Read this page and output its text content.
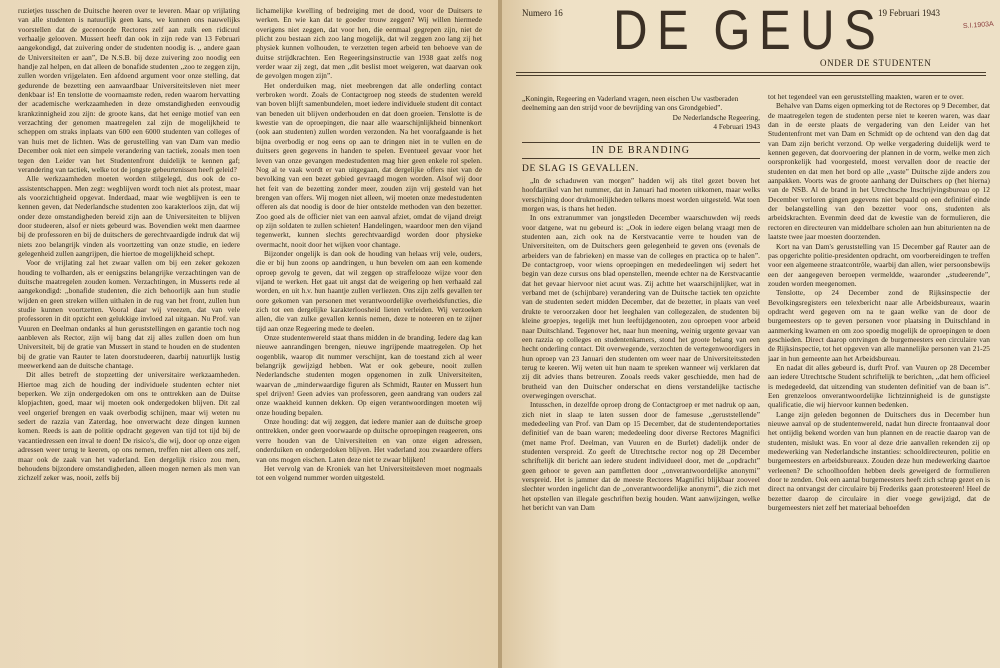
ruzietjes tusschen de Duitsche heeren over te leveren. Maar op vrijlating van alle studenten is natuurlijk geen kans, we kunnen ons nauwelijks voorstellen dat de gecenoorde Rectores zelf aan zulk een ridicuul verhaalje gelooven. Mussert heeft dan ook in zijn rede van 13 Februari aangekondigd, dat zuivering onder de studenten noodig is. ,, andere gaan de Universiteiten er aan”, De N.S.B. bij deze zuivering zoo noodig een handje zal helpen, en dat alleen de bonafide studenten ,,zoo te zeggen zijn, zullen worden vrijgelaten. Een afdoend argument voor onze stelling, dat gedurende de bezetting een aanvaardbaar Universiteitsleven niet meer denkbaar is! En tenslotte de voornaamste reden, reden waarom hervatting der academische werkzaamheden in deze omstandigheden eenvoudig krankzinnigheid zou zijn: de groote kans, dat het eenige motief van een verzachting der genomen maatregelen zal zijn de mogelijkheid te scheppen om straks inplaats van 600 een 6000 studenten van colleges of van huis met de lichten. Was de gerustelling van van Dam van medio December ook niet een simpele verandering van tactiek, zooals men toen tegen den Leider van het Studentenfront duidelijk te kennen gaf; verandering van tactiek, welke tot de jongste gebeurtenissen heeft geleid?

Alle werkzaamheden moeten worden stilgelegd, dus ook de co-assistentschappen. Men zegt: wegblijven wordt toch niet als protest, maar als voorzichtigheid opgevat. Inderdaad, maar wie wegblijven is een te kennen geven, dat Nederlandsche studenten zoo karakterloos zijn, dat wij onder deze omstandigheden bereid zijn aan de Universiteiten te blijven door studeeren, alsof er niets gebeurd was. Bovendien wekt men daarmee bij de professoren en bij de duitschers de gerechtvaardigde indruk dat wij niets zoo belangrijk vinden als voortzetting van onze studie, en iedere gelegenheid zullen aangrijpen, die hiertoe de mogelijkheid schept.

Voor de vrijlating zal het zwaar vallen om bij een zeker gekozen houding te volharden, als er eenigszins belangrijke verzachtingen van de duitsche maatregelen zouden komen. Verzachtingen, in Musserts rede al aangekondigd: ,,bonafide studenten, die zich behoorlijk aan hun studie wijden en geen streken willen uithalen in de rug van het front, zullen hun studie kunnen voortzetten. Vooral daar wij vreezen, dat van vele professoren in dit opzicht een gelukkige invloed zal uitgaan. Nu Prof. van Vuuren en Deelman ondanks al hun geruststellingen en garantie toch nog aanbleven als Rector, zijn wij bang dat zij alles zullen doen om hun Universiteit, bij de gratie van Mussert in stand te houden en de studenten bij de gratie van Rauter te laten doorstudeeren, daarbij natuurlijk lustig meewerkend aan de duitsche chantage.

Dit alles betreft de stopzetting der universitaire werkzaamheden. Hiertoe mag zich de houding der individuele studenten echter niet beperken. We zijn ondergedoken om ons te onttrekken aan de Duitse klopjachten, goed, maar wij moeten ook ondergedoken blijven. Dit zal veel ongerief brengen en vaak overbodig schijnen, maar wij weten nu sedert de razzia van Zaterdag, hoe onverwacht deze dingen kunnen komen. Reeds is aan de politie opdracht gegeven van tijd tot tijd bij de vacantiedressen een inval te doen! De risico's, die wij, door op onze eigen adressen weer terug te keeren, op ons nemen, treffen niet alleen ons zelf, maar ook de zaak van het vaderland. Een dergelijk risico zou men, behoudens bijzondere omstandigheden, alleen mogen nemen als men van zichzelf zeker was, nooit, zelfs bij

lichamelijke kwelling of bedreiging met de dood, voor de Duitsers te werken. En wie kan dat te goeder trouw zeggen? Wij willen hiermede overigens niet zeggen, dat voor hen, die eenmaal gegrepen zijn, niet de plicht zou bestaan zich zoo lang mogelijk, dat wil zeggen zoo lang zij het physiek kunnen volhouden, te verzetten tegen arbeid ten behoeve van de duitse strijdkrachten. Een Regeeringsinstructie van 1938 gaat zelfs nog verder waar zij zegt, dat men ,,dit beslist moet weigeren, wat daarvan ook de gevolgen mogen zijn”.

Het onderduiken mag, niet meebrengen dat alle onderling contact verbroken wordt. Zoals de Contactgroep nog steeds de studenten wereld van boven blijft samenbundelen, moet iedere individuele student dit contact van beneden uit blijven onderhouden en dat doen groeien. Tenslotte is de kwestie van de oproepingen, die naar alle waarschijnlijkheid binnenkort (ook aan studenten) zullen worden verzonden. Na het voorafgaande is het bijna overbodig er nog eens op aan te dringen niet in te vullen en de duitsers geen gegevens in handen te spelen. Eventueel gevaar voor het leven van onze gevangen medestudenten mag hier geen enkele rol spelen. Nog al te vaak wordt er van uitgegaan, dat dergelijke offers niet van de bevolking van een bezet gebied gevraagd mogen worden. Alsof wij door het feit van de bezetting zonder meer, zouden zijn vrij gesteld van het brengen van offers. Wij mogen niet alleen, wij moeten onze medestudenten offeren als dat noodig is door de hier ontstelde methoden van den bezetter. Zoo goed als de officier niet van een aanval afziet, omdat de vijand dreigt op zijn soldaten te zullen schieten! Handelingen, waardoor men den vijand tegenwerkt, kunnen slechts gerechtvaardigd worden door physieke overmacht, nooit door het wijken voor chantage.

Bijzonder ongelijk is dan ook de houding van helaas vrij vele, ouders, die er bij hun zoons op aandringen, u hun bevelen om aan een komende oproep gevolg te geven, dat wil zeggen op straffelooze wijze voor den vijand te werken. Het gaat uit angst dat de weigering op hen verhaald zal worden, en uit h.v. hun haantje zullen verliezen. Ons zijn zelfs gevallen ter oore gekomen van personen met verantwoordelijke overheidsfuncties, die zich tot een dergelijke karakterloosheid lieten verleiden. Wij verzoeken allen, die van zulke gevallen kennis nemen, deze te noteeren en te zijner tijd aan onze Regeering mede te deelen.

Onze studentenwereld staat thans midden in de branding. Iedere dag kan nieuwe aanrandingen brengen, nieuwe ingrijpende maatregelen. Op het oogenblik, waarop dit nummer verschijnt, kan de toestand zich al weer belangrijk gewijzigd hebben. Wat er ook gebeure, nooit zullen Nederlandsche studenten mogen opgenomen in zulk Universiteiten, waarvan de ,,minderwaardige figuren als Schmidt, Rauter en Mussert hun spel drijven! Geen advies van professoren, geen aandrang van ouders zal onze waakheid kunnen dekken. Op eigen verantwoordingen moeten wij onze houding bepalen.

Onze houding: dat wij zeggen, dat iedere manier aan de duitsche groep onttrekken, onder geen voorwaarde op duitsche oproepingen reageeren, ons verre houden van de Universiteiten en van onze eigen adressen, onderduiken en ondergedoken blijven. Het vaderland zou zwaardere offers van ons mogen eischen. Laten deze niet te zwaar blijken!

Het vervolg van de Kroniek van het Universiteitsleven moet nogmaals tot een volgend nummer worden uitgesteld.

Numero 16 D E G E U S 19 Februari 1943
S.I.1903A
ONDER DE STUDENTEN
„Koningin, Regeering en Vaderland vragen, neen eischen Uw vastberaden deelneming aan den strijd voor de bevrijding van ons Grondgebied”.
De Nederlandsche Regeering,
4 Februari 1943
IN DE BRANDING
DE SLAG IS GEVALLEN.

„In de schaduwen van morgen” hadden wij als titel gezet boven het hoofdartikel van het nummer, dat in Januari had moeten uitkomen, maar welks verschijning door drukmoeilijkheden telkens moest worden uitgesteld. Wat toen morgen was, is thans het heden.

In ons extranummer van jongstleden December waarschuwden wij reeds voor datgene, wat nu gebeurd is: ,,Ook in iedere eigen belang vraagt men de studenten aan, zich ook na de Kerstvacantie verre te houden van de Universiteiten, om de Duitschers geen gelegenheid te geven ons (evenals de arbeiders van de fabrieken) en masse van de colleges en practica op te halen”. De contactgroep, voor wiens oproepingen en mededeelingen wij sedert het begin van deze cursus ons blad openstellen, meende echter na de Kerstvacantie dat het gevaar hiervoor niet acuut was. Zij achtte het waarschijnlijker, wat in verband met de (schijnbare) verandering van de Duitsche tactiek ten opzichte van de studenten sedert midden December, dat de bezetter, in plaats van veel drukte te veroorzaken door het leeghalen van collegezalen, de studenten bij kleine groepjes, tegelijk met hun leeftijdgenooten, zou oproepen voor arbeid naar Duitschland. Tegenover het, naar hun meening, weinig urgente gevaar van een razzia op colleges en studentenkamers, stond het groote belang van een hecht onderling contact. Dit overwegende, verzochten de vertegenwoordigers in hun oproep van 23 Januari den studenten om weer naar de Universiteitssteden terug te keeren. Wij weten uit hun naam te spreken wanneer wij verklaren dat zij dit advies thans betreuren. Zooals reeds vaker geschiedde, men had de brutheid van den Duitscher onderschat en diens verstandelijke tactische overwegingen overschat.

Intusschen, in dezelfde oproep drong de Contactgroep er met nadruk op aan, zich niet in slaap te laten sussen door de famesuse ,,geruststellende” mededeeling van Prof. van Dam op 15 December, dat de studentendeportaties definitief van de baan waren; mededeeling door diverse Rectores Magnifici (met name Prof. Deelman, van Vuuren en de Burlet) dadelijk onder de studenten verspreid. Zo geeft de Utrechtsche rector nog op 28 December schriftelijk dit bericht aan iedere student individueel door, met de ,,opdracht” geen gehoor te geven aan pamfletten door ,,onverantwoordelijke anonymi” verspreid. Het is jammer dat de meeste Rectores Magnifici blijkbaar zooveel slechter worden ingelicht dan de ,,onverantwoordelijke anonymi”, die zich met het opstellen van illegale geschriften bezig houden. Want aanwijzingen, welke het bericht van van Dam

tot het tegendeel van een geruststelling maakten, waren er te over.

Behalve van Dams eigen opmerking tot de Rectores op 9 December, dat de maatregelen tegen de studenten perse niet te keeren waren, was daar dan in de eerste plaats de vergadering van den Leider van het Studentenfront met van Dam en Schmidt op de ochtend van den dag dat van Dam zijn bericht verzond. Op welke vergadering duidelijk werd te kennen gegeven, dat doorvoering der plannen in de vorm, welke men zich oorspronkelijk had voorgesteld, moest vervallen door de reactie der studenten en dat men het bord op alle ,,vaste” Duitsche zijde anders zou aanpakken. Voorts was de groote aanhang der Duitschers op (het hierna) van de NSB. Al de brand in het Utrechtsche Inschrijvingsbureau op 12 December verloren gingen gegevens niet bepaald op een definitief einde der belangstelling van den bezetter voor ons, studenten als arbeidskrachten. Evenmin deed dat de kwestie van de formulieren, die rectoren en directeuren van middelbare scholen aan hun abiturienten na de laatste twee jaar moesten doorzenden.

Kort na van Dam's geruststelling van 15 December gaf Rauter aan de pas opgerichte politie-presidenten opdracht, om voorbereidingen te treffen voor een algemeene straatcontrôle, waarbij dan allen, wier persoonsbewijs een der aangegeven beroepen vermeldde, waaronder ,,studeerende”, zouden worden meegenomen.

Tenslotte, op 24 December zond de Rijksinspectie der Bevolkingsregisters een telexbericht naar alle Arbeidsbureaux, waarin opdracht werd gegeven om na te gaan welke van de door de burgemeesters op te geven personen voor plaatsing in Duitschland in aanmerking kwamen en om zoo spoedig mogelijk de oproepingen te doen geschieden. Direct daarop ontvingen de burgemeesters een circulaire van de Rijksinspectie, tot het opgeven van alle mannelijke personen van 21-25 jaar in hun gemeente aan het Arbeidsbureau.

En nadat dit alles gebeurd is, durft Prof. van Vuuren op 28 December aan iedere Utrechtsche Student schriftelijk te berichten, ,,dat hem officieel is medegedeeld, dat uitzending van studenten definitief van de baan is”. Een grenzeloos onverantwoordelijke lichtzinnigheid is de gunstigste qualificatie, die wij hiervoor kunnen bedenken.

Lange zijn geleden begonnen de Duitschers dus in December hun nieuwe aanval op de studentenwereld, nadat hun directe frontaanval door het ontijdig bekend worden van hun plannen en de reactie daarop van de studenten, mislukt was. En voor al deze drie aanvallen rekenden zij op medewerking van Nederlandsche instanties: schooldirecteuren, politie en burgemeesters en arbeidsbureaux. Zouden deze hun medewerking daartoe verleenen? De schoolhoofden hebben deels geweigerd de formulieren door te zenden. Ook een aantal burgemeesters heeft zich schrap gezet en is direct na ontvangst der circulaire bij Frederiks gaan protesteeren! Heel de bezetter daarop de circulaire in dier voege gewijzigd, dat de burgemeesters niet zelf het materiaal behoefden
